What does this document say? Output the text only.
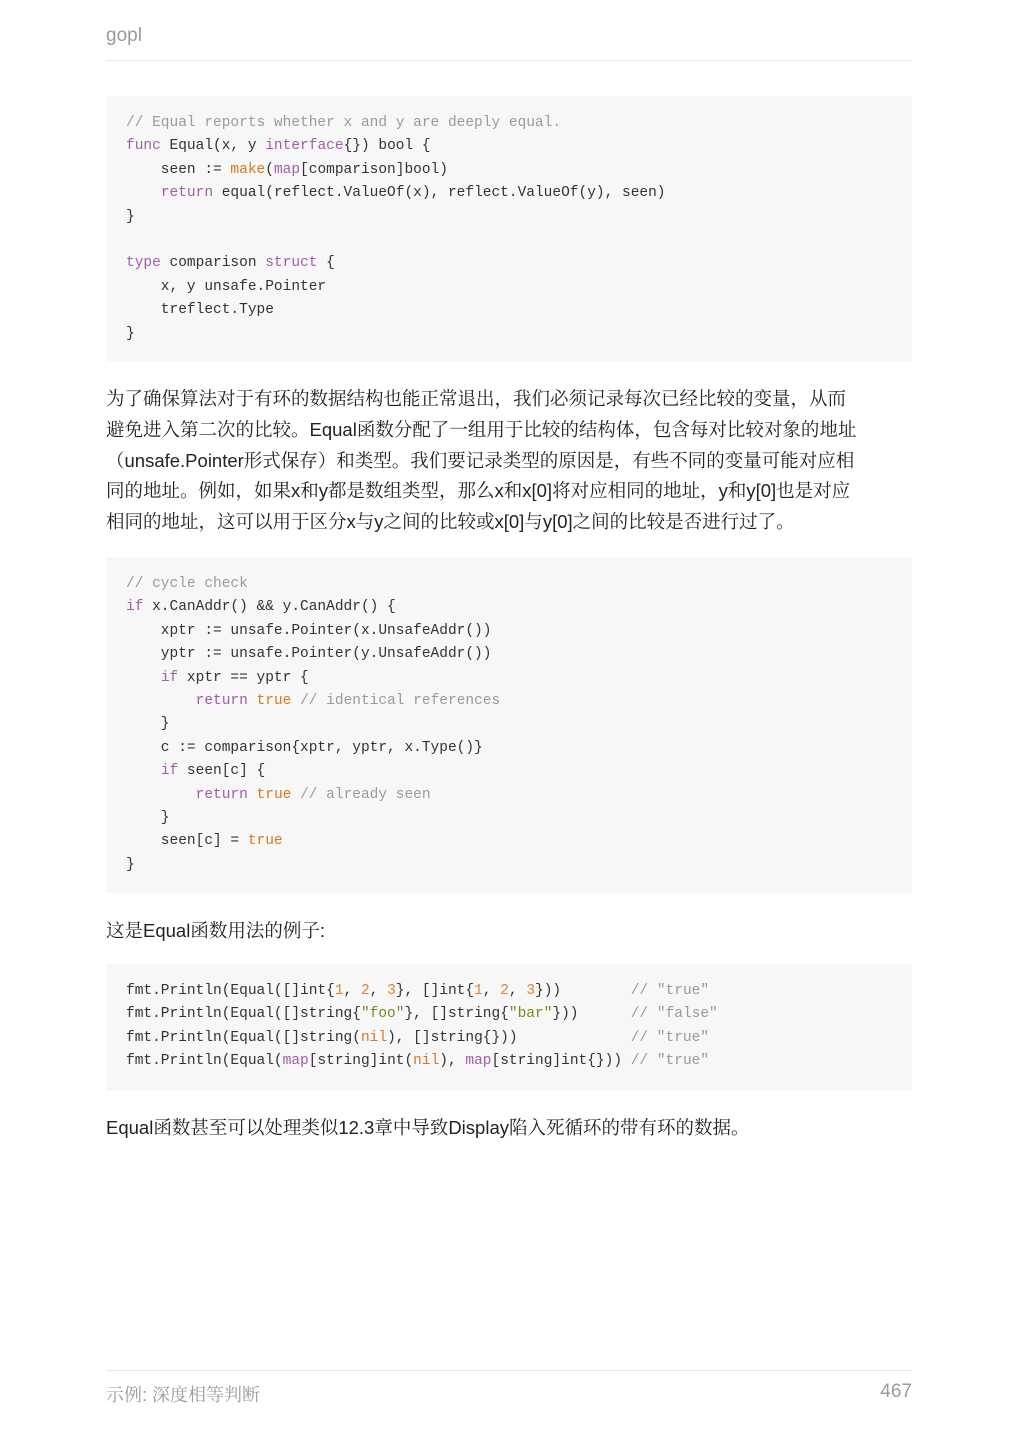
gopl
// Equal reports whether x and y are deeply equal.
func Equal(x, y interface{}) bool {
seen := make(map[comparison]bool)
return equal(reflect.ValueOf(x), reflect.ValueOf(y), seen)
}
type comparison struct {
x, y unsafe.Pointer
treflect.Type
}
为了确保算法对于有环的数据结构也能正常退出，我们必须记录每次已经比较的变量，从而
避免进入第二次的比较。Equal函数分配了一组用于比较的结构体，包含每对比较对象的地址
（unsafe.Pointer形式保存）和类型。我们要记录类型的原因是，有些不同的变量可能对应相
同的地址。例如，如果x和y都是数组类型，那么x和x[0]将对应相同的地址，y和y[0]也是对应
相同的地址，这可以用于区分x与y之间的比较或x[0]与y[0]之间的比较是否进行过了。
// cycle check
if x.CanAddr() && y.CanAddr() {
xptr := unsafe.Pointer(x.UnsafeAddr())
yptr := unsafe.Pointer(y.UnsafeAddr())
if xptr == yptr {
return true // identical references
}
c := comparison{xptr, yptr, x.Type()}
if seen[c] {
return true // already seen
}
seen[c] = true
}
这是Equal函数用法的例子:
fmt.Println(Equal([]int{1, 2, 3}, []int{1, 2, 3}))        // "true"
fmt.Println(Equal([]string{"foo"}, []string{"bar"}))      // "false"
fmt.Println(Equal([]string(nil), []string{}))             // "true"
fmt.Println(Equal(map[string]int(nil), map[string]int{})) // "true"
Equal函数甚至可以处理类似12.3章中导致Display陷入死循环的带有环的数据。
示例: 深度相等判断	467
